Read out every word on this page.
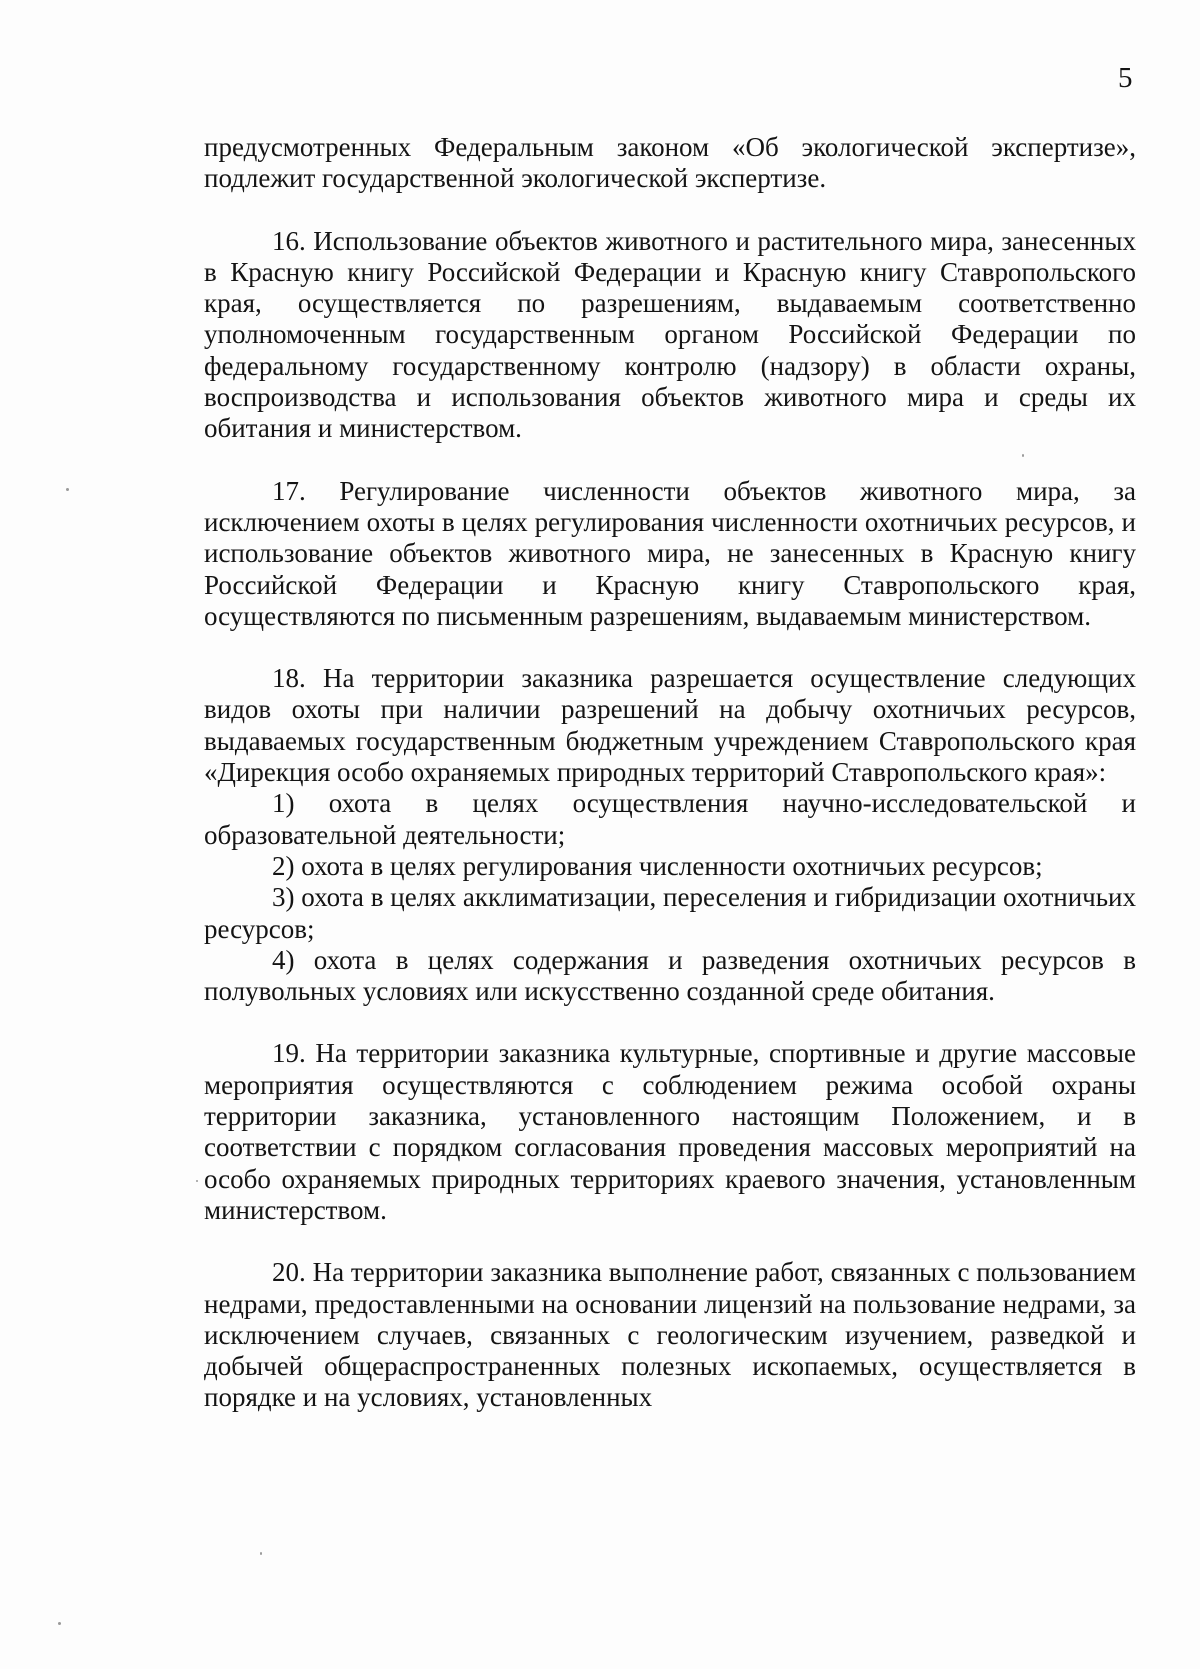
5

предусмотренных Федеральным законом «Об экологической экспертизе», подлежит государственной экологической экспертизе.

16. Использование объектов животного и растительного мира, занесенных в Красную книгу Российской Федерации и Красную книгу Ставропольского края, осуществляется по разрешениям, выдаваемым соответственно уполномоченным государственным органом Российской Федерации по федеральному государственному контролю (надзору) в области охраны, воспроизводства и использования объектов животного мира и среды их обитания и министерством.

17. Регулирование численности объектов животного мира, за исключением охоты в целях регулирования численности охотничьих ресурсов, и использование объектов животного мира, не занесенных в Красную книгу Российской Федерации и Красную книгу Ставропольского края, осуществляются по письменным разрешениям, выдаваемым министерством.

18. На территории заказника разрешается осуществление следующих видов охоты при наличии разрешений на добычу охотничьих ресурсов, выдаваемых государственным бюджетным учреждением Ставропольского края «Дирекция особо охраняемых природных территорий Ставропольского края»:

1) охота в целях осуществления научно-исследовательской и образовательной деятельности;

2) охота в целях регулирования численности охотничьих ресурсов;

3) охота в целях акклиматизации, переселения и гибридизации охотничьих ресурсов;

4) охота в целях содержания и разведения охотничьих ресурсов в полувольных условиях или искусственно созданной среде обитания.

19. На территории заказника культурные, спортивные и другие массовые мероприятия осуществляются с соблюдением режима особой охраны территории заказника, установленного настоящим Положением, и в соответствии с порядком согласования проведения массовых мероприятий на особо охраняемых природных территориях краевого значения, установленным министерством.

20. На территории заказника выполнение работ, связанных с пользованием недрами, предоставленными на основании лицензий на пользование недрами, за исключением случаев, связанных с геологическим изучением, разведкой и добычей общераспространенных полезных ископаемых, осуществляется в порядке и на условиях, установленных
